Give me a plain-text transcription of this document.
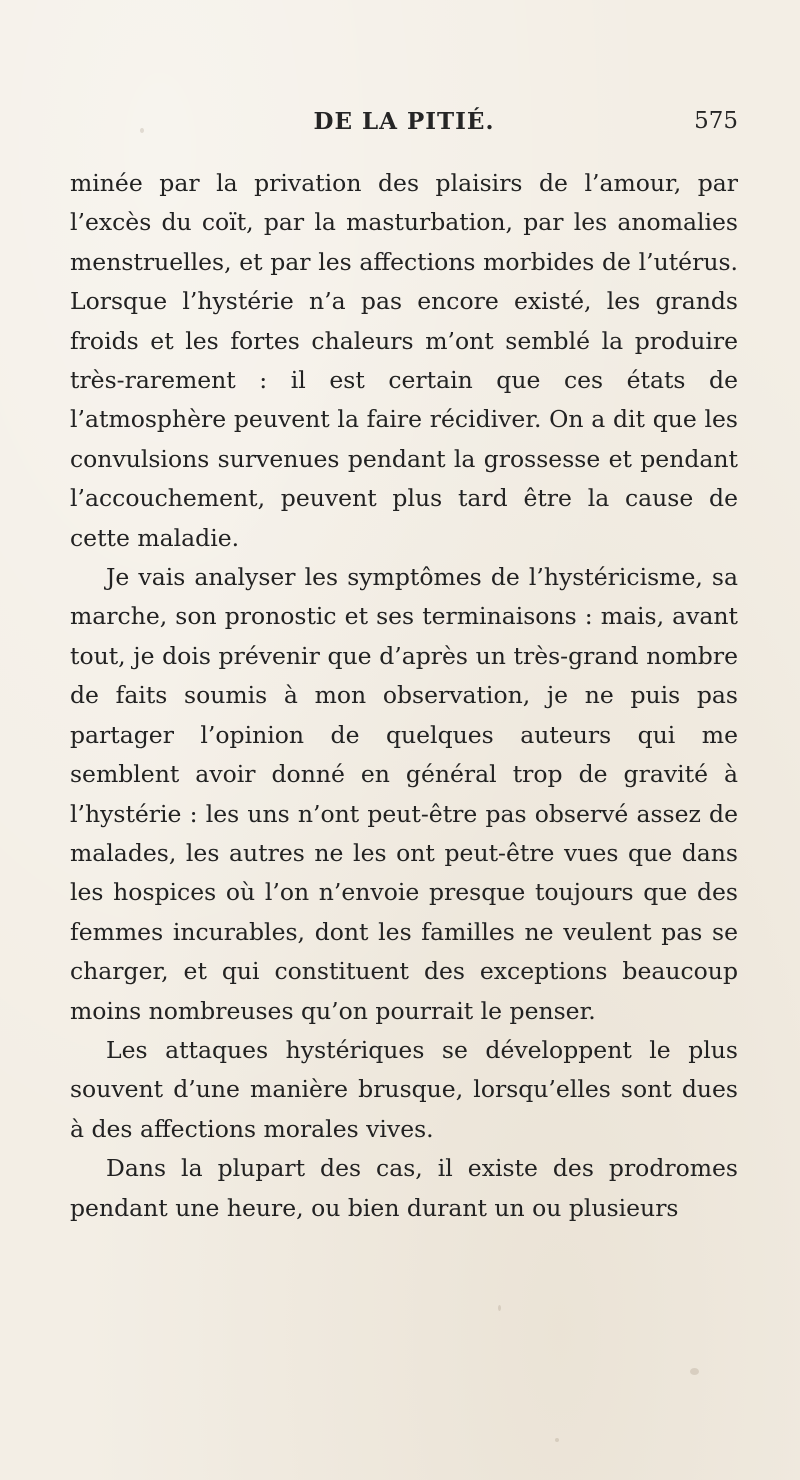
DE LA PITIÉ.	575

minée par la privation des plaisirs de l’amour, par l’excès du coït, par la masturbation, par les anomalies menstruelles, et par les affections morbides de l’utérus. Lorsque l’hystérie n’a pas encore existé, les grands froids et les fortes chaleurs m’ont semblé la produire très-rarement : il est certain que ces états de l’atmosphère peuvent la faire récidiver. On a dit que les convulsions survenues pendant la grossesse et pendant l’accouchement, peuvent plus tard être la cause de cette maladie.

Je vais analyser les symptômes de l’hystéricisme, sa marche, son pronostic et ses terminaisons : mais, avant tout, je dois prévenir que d’après un très-grand nombre de faits soumis à mon observation, je ne puis pas partager l’opinion de quelques auteurs qui me semblent avoir donné en général trop de gravité à l’hystérie : les uns n’ont peut-être pas observé assez de malades, les autres ne les ont peut-être vues que dans les hospices où l’on n’envoie presque toujours que des femmes incurables, dont les familles ne veulent pas se charger, et qui constituent des exceptions beaucoup moins nombreuses qu’on pourrait le penser.

Les attaques hystériques se développent le plus souvent d’une manière brusque, lorsqu’elles sont dues à des affections morales vives.

Dans la plupart des cas, il existe des prodromes pendant une heure, ou bien durant un ou plusieurs
